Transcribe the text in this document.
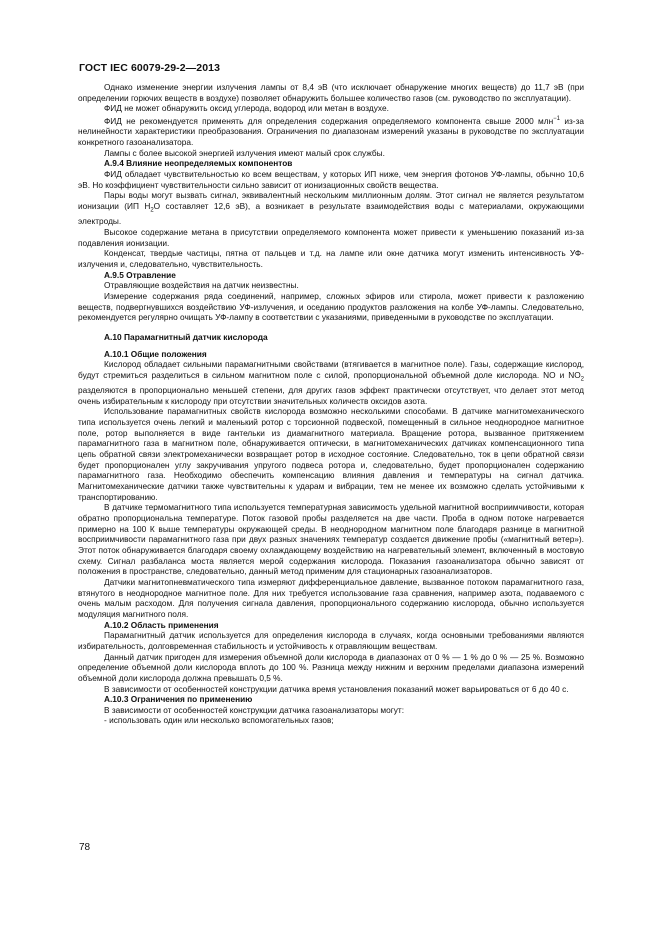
ГОСТ IEC 60079-29-2—2013

Однако изменение энергии излучения лампы от 8,4 эВ (что исключает обнаружение многих веществ) до 11,7 эВ (при определении горючих веществ в воздухе) позволяет обнаружить большее количество газов (см. руководство по эксплуатации).

ФИД не может обнаружить оксид углерода, водород или метан в воздухе.

ФИД не рекомендуется применять для определения содержания определяемого компонента свыше 2000 млн$^{-1}$ из-за нелинейности характеристики преобразования. Ограничения по диапазонам измерений указаны в руководстве по эксплуатации конкретного газоанализатора.

Лампы с более высокой энергией излучения имеют малый срок службы.

А.9.4 Влияние неопределяемых компонентов

ФИД обладает чувствительностью ко всем веществам, у которых ИП ниже, чем энергия фотонов УФ-лампы, обычно 10,6 эВ. Но коэффициент чувствительности сильно зависит от ионизационных свойств вещества.

Пары воды могут вызвать сигнал, эквивалентный нескольким миллионным долям. Этот сигнал не является результатом ионизации (ИП $Н_2О$ составляет 12,6 эВ), а возникает в результате взаимодействия воды с материалами, окружающими электроды.

Высокое содержание метана в присутствии определяемого компонента может привести к уменьшению показаний из-за подавления ионизации.

Конденсат, твердые частицы, пятна от пальцев и т.д. на лампе или окне датчика могут изменить интенсивность УФ-излучения и, следовательно, чувствительность.

А.9.5 Отравление

Отравляющие воздействия на датчик неизвестны.

Измерение содержания ряда соединений, например, сложных эфиров или стирола, может привести к разложению веществ, подвергнувшихся воздействию УФ-излучения, и оседанию продуктов разложения на колбе УФ-лампы. Следовательно, рекомендуется регулярно очищать УФ-лампу в соответствии с указаниями, приведенными в руководстве по эксплуатации.

А.10 Парамагнитный датчик кислорода
А.10.1 Общие положения

Кислород обладает сильными парамагнитными свойствами (втягивается в магнитное поле). Газы, содержащие кислород, будут стремиться разделиться в сильном магнитном поле с силой, пропорциональной объемной доле кислорода. NO и $NO_2$ разделяются в пропорционально меньшей степени, для других газов эффект практически отсутствует, что делает этот метод очень избирательным к кислороду при отсутствии значительных количеств оксидов азота.

Использование парамагнитных свойств кислорода возможно несколькими способами. В датчике магнитомеханического типа используется очень легкий и маленький ротор с торсионной подвеской, помещенный в сильное неоднородное магнитное поле, ротор выполняется в виде гантельки из диамагнитного материала. Вращение ротора, вызванное притяжением парамагнитного газа в магнитном поле, обнаруживается оптически, в магнитомеханических датчиках компенсационного типа цепь обратной связи электромеханически возвращает ротор в исходное состояние. Следовательно, ток в цепи обратной связи будет пропорционален углу закручивания упругого подвеса ротора и, следовательно, будет пропорционален содержанию парамагнитного газа. Необходимо обеспечить компенсацию влияния давления и температуры на сигнал датчика. Магнитомеханические датчики также чувствительны к ударам и вибрации, тем не менее их возможно сделать устойчивыми к транспортированию.

В датчике термомагнитного типа используется температурная зависимость удельной магнитной восприимчивости, которая обратно пропорциональна температуре. Поток газовой пробы разделяется на две части. Проба в одном потоке нагревается примерно на 100 К выше температуры окружающей среды. В неоднородном магнитном поле благодаря разнице в магнитной восприимчивости парамагнитного газа при двух разных значениях температур создается движение пробы («магнитный ветер»). Этот поток обнаруживается благодаря своему охлаждающему воздействию на нагревательный элемент, включенный в мостовую схему. Сигнал разбаланса моста является мерой содержания кислорода. Показания газоанализатора обычно зависят от положения в пространстве, следовательно, данный метод применим для стационарных газоанализаторов.

Датчики магнитопневматического типа измеряют дифференциальное давление, вызванное потоком парамагнитного газа, втянутого в неоднородное магнитное поле. Для них требуется использование газа сравнения, например азота, подаваемого с очень малым расходом. Для получения сигнала давления, пропорционального содержанию кислорода, обычно используется модуляция магнитного поля.

А.10.2 Область применения

Парамагнитный датчик используется для определения кислорода в случаях, когда основными требованиями являются избирательность, долговременная стабильность и устойчивость к отравляющим веществам.

Данный датчик пригоден для измерения объемной доли кислорода в диапазонах от 0 % — 1 % до 0 % — 25 %. Возможно определение объемной доли кислорода вплоть до 100 %. Разница между нижним и верхним пределами диапазона измерений объемной доли кислорода должна превышать 0,5 %.

В зависимости от особенностей конструкции датчика время установления показаний может варьироваться от 6 до 40 с.

А.10.3 Ограничения по применению

В зависимости от особенностей конструкции датчика газоанализаторы могут:

- использовать один или несколько вспомогательных газов;

78
